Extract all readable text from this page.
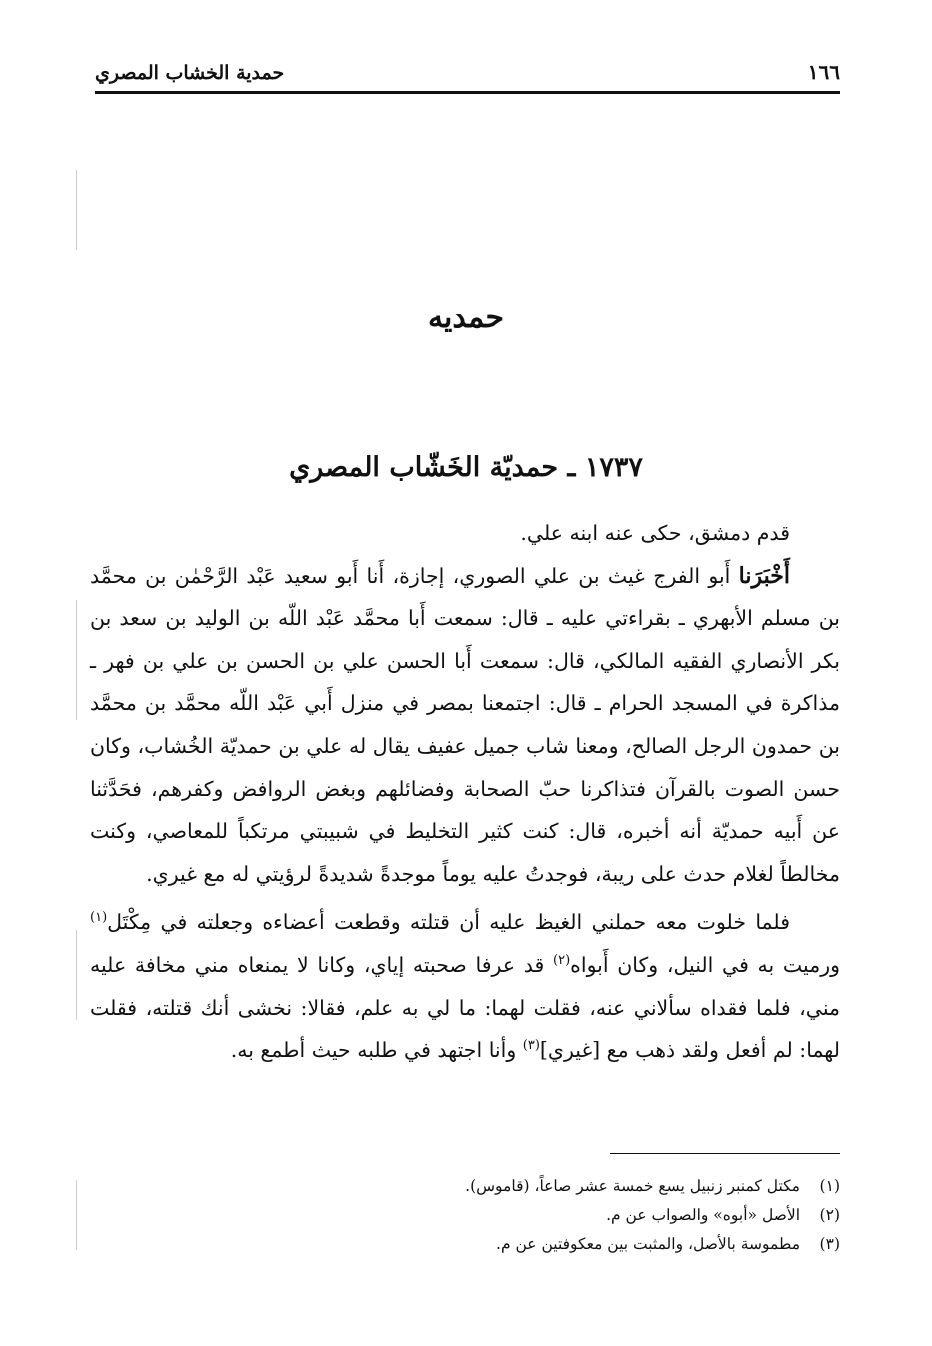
١٦٦
حمدية الخشاب المصري
حمديه
١٧٣٧ ـ حمديّة الخَشّاب المصري

قدم دمشق، حكى عنه ابنه علي.

أَخْبَرَنا أَبو الفرج غيث بن علي الصوري، إجازة، أَنا أَبو سعيد عَبْد الرَّحْمٰن بن محمَّد بن مسلم الأبهري ـ بقراءتي عليه ـ قال: سمعت أَبا محمَّد عَبْد اللّه بن الوليد بن سعد بن بكر الأنصاري الفقيه المالكي، قال: سمعت أَبا الحسن علي بن الحسن بن علي بن فهر ـ مذاكرة في المسجد الحرام ـ قال: اجتمعنا بمصر في منزل أَبي عَبْد اللّه محمَّد بن محمَّد بن حمدون الرجل الصالح، ومعنا شاب جميل عفيف يقال له علي بن حمديّة الخُشاب، وكان حسن الصوت بالقرآن فتذاكرنا حبّ الصحابة وفضائلهم وبغض الروافض وكفرهم، فحَدَّثنا عن أَبيه حمديّة أنه أخبره، قال: كنت كثير التخليط في شبيبتي مرتكباً للمعاصي، وكنت مخالطاً لغلام حدث على ريبة، فوجدتُ عليه يوماً موجدةً شديدةً لرؤيتي له مع غيري.

فلما خلوت معه حملني الغيظ عليه أن قتلته وقطعت أعضاءه وجعلته في مِكْتَل$^{(١)}$ ورميت به في النيل، وكان أَبواه$^{(٢)}$ قد عرفا صحبته إياي، وكانا لا يمنعاه مني مخافة عليه مني، فلما فقداه سألاني عنه، فقلت لهما: ما لي به علم، فقالا: نخشى أنك قتلته، فقلت لهما: لم أفعل ولقد ذهب مع [غيري]$^{(٣)}$ وأنا اجتهد في طلبه حيث أطمع به.

(١)مكتل كمنبر زنبيل يسع خمسة عشر صاعاً، (قاموس).
(٢)الأصل «أبوه» والصواب عن م.
(٣)مطموسة بالأصل، والمثبت بين معكوفتين عن م.
